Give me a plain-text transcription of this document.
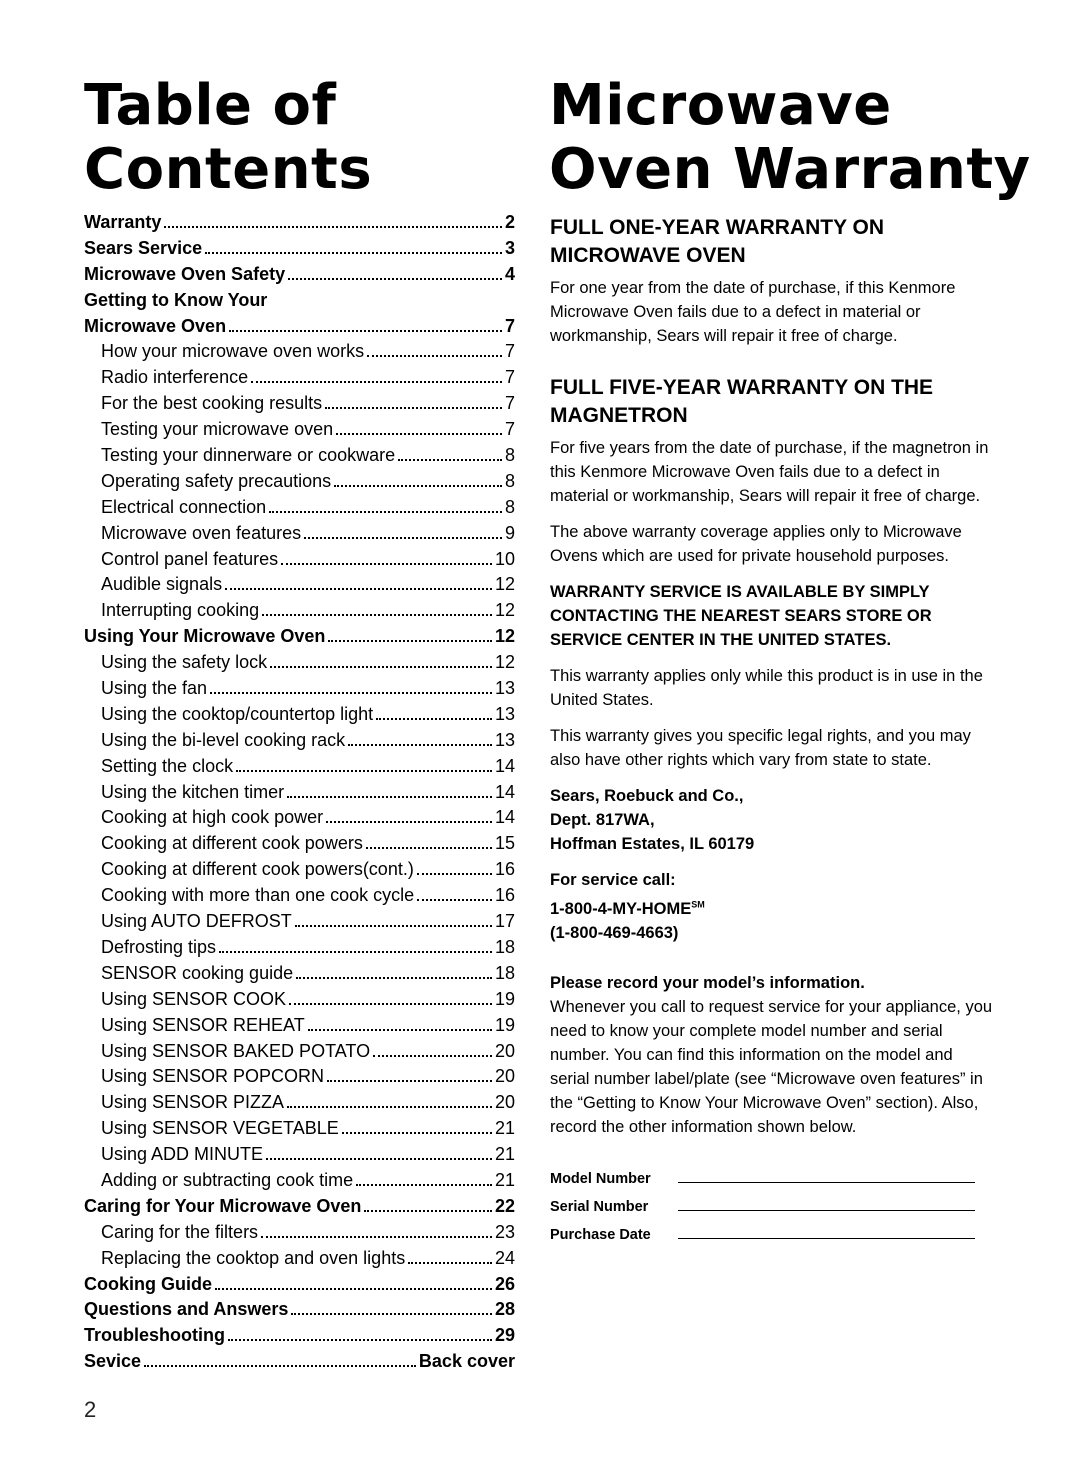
Table of Contents
Microwave Oven Warranty
Warranty	2
Sears Service	3
Microwave Oven Safety	4
Getting to Know Your
Microwave Oven	7
How your microwave oven works	7
Radio interference	7
For the best cooking results	7
Testing your microwave oven	7
Testing your dinnerware or cookware	8
Operating safety precautions	8
Electrical connection	8
Microwave oven features	9
Control panel features	10
Audible signals	12
Interrupting cooking	12
Using Your Microwave Oven	12
Using the safety lock	12
Using the fan	13
Using the cooktop/countertop light	13
Using the bi-level cooking rack	13
Setting the clock	14
Using the kitchen timer	14
Cooking at high cook power	14
Cooking at different cook powers	15
Cooking at different cook powers(cont.)	16
Cooking with more than one cook cycle	16
Using AUTO DEFROST	17
Defrosting tips	18
SENSOR cooking guide	18
Using SENSOR COOK	19
Using SENSOR REHEAT	19
Using SENSOR BAKED POTATO	20
Using SENSOR POPCORN	20
Using SENSOR PIZZA	20
Using SENSOR VEGETABLE	21
Using ADD MINUTE	21
Adding or subtracting cook time	21
Caring for Your Microwave Oven	22
Caring for the filters	23
Replacing the cooktop and oven lights	24
Cooking Guide	26
Questions and Answers	28
Troubleshooting	29
Sevice	Back cover
FULL ONE-YEAR WARRANTY ON MICROWAVE OVEN

For one year from the date of purchase, if this Kenmore Microwave Oven fails due to a defect in material or workmanship, Sears will repair it free of charge.

FULL FIVE-YEAR WARRANTY ON THE MAGNETRON

For five years from the date of purchase, if the magnetron in this Kenmore Microwave Oven fails due to a defect in material or workmanship, Sears will repair it free of charge.

The above warranty coverage applies only to Microwave Ovens which are used for private household purposes.

WARRANTY SERVICE IS AVAILABLE BY SIMPLY CONTACTING THE NEAREST SEARS STORE OR SERVICE CENTER IN THE UNITED STATES.

This warranty applies only while this product is in use in the United States.

This warranty gives you specific legal rights, and you may also have other rights which vary from state to state.

Sears, Roebuck and Co.,
Dept. 817WA,
Hoffman Estates, IL 60179

For service call:
1-800-4-MY-HOME℠
(1-800-469-4663)

Please record your model’s information.

Whenever you call to request service for your appliance, you need to know your complete model number and serial number. You can find this information on the model and serial number label/plate (see “Microwave oven features” in the “Getting to Know Your Microwave Oven” section). Also, record the other information shown below.

Model Number
Serial Number
Purchase Date
2
